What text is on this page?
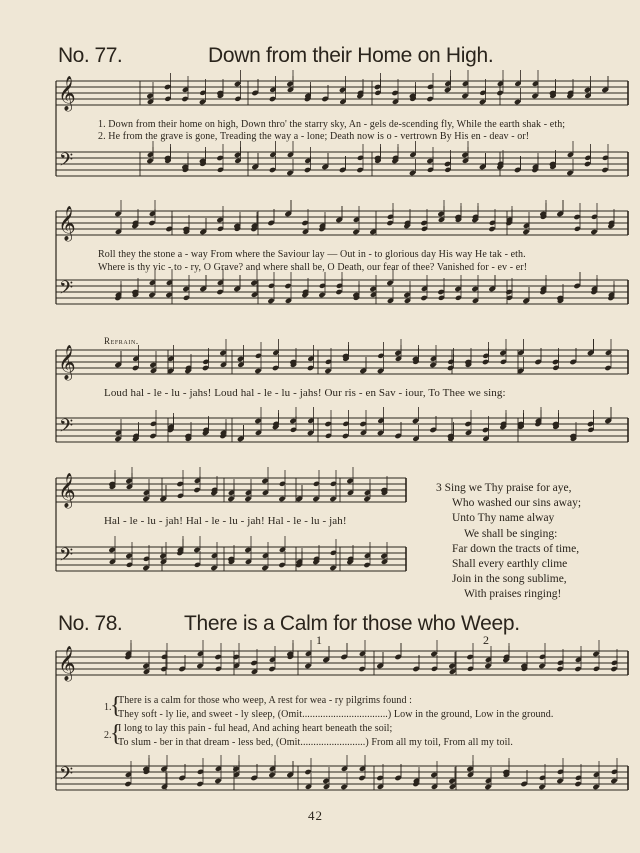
𝄞
𝄢
𝄞
𝄢
𝄞
𝄢
𝄞
𝄢
𝄞
𝄢
No. 77.	Down from their Home on High.
1. Down from their home on high, Down thro' the starry sky, An - gels de-scending fly, While the earth shak - eth;
2. He from the grave is gone, Treading the way a - lone; Death now is o - vertrown By His en - deav - or!
Roll they the stone a - way From where the Saviour lay — Out in - to glorious day His way He tak - eth.
Where is thy vic - to - ry, O Grave? and where shall be, O Death, our fear of thee? Vanished for - ev - er!
Refrain.
Loud hal - le - lu - jahs! Loud hal - le - lu - jahs! Our ris - en Sav - iour, To Thee we sing:
Hal - le - lu - jah! Hal - le - lu - jah! Hal - le - lu - jah!
3 Sing we Thy praise for aye,
Who washed our sins away;
Unto Thy name alway
We shall be singing:
Far down the tracts of time,
Shall every earthly clime
Join in the song sublime,
With praises ringing!
No. 78.	There is a Calm for those who Weep.
1	2
1.
{
There is a calm for those who weep, A rest for wea - ry pilgrims found :
They soft - ly lie, and sweet - ly sleep, (Omit.................................) Low in the ground, Low in the ground.
2.
{
I long to lay this pain - ful head, And aching heart beneath the soil;
To slum - ber in that dream - less bed, (Omit.........................) From all my toil, From all my toil.
42
